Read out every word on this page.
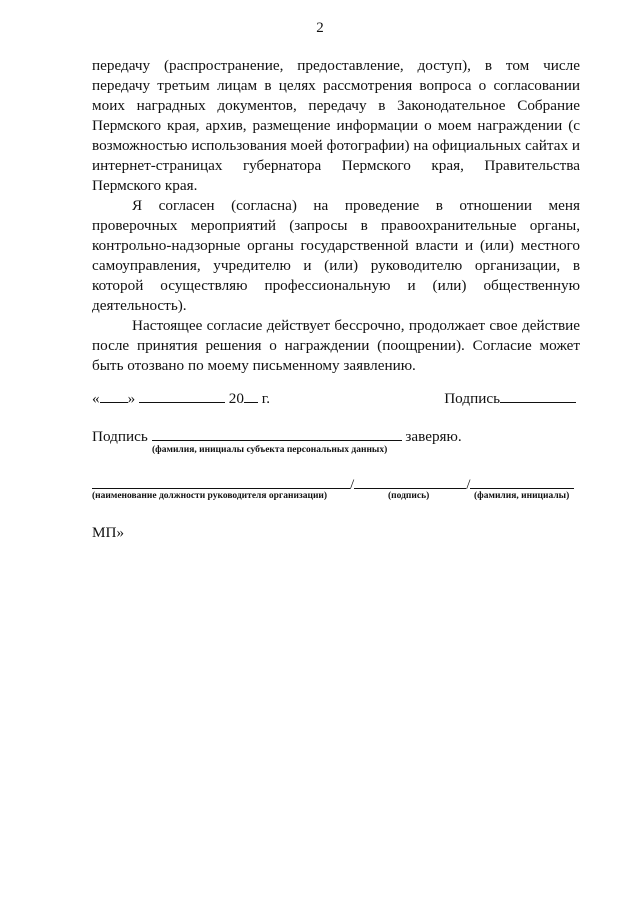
2

передачу (распространение, предоставление, доступ), в том числе передачу третьим лицам в целях рассмотрения вопроса о согласовании моих наградных документов, передачу в Законодательное Собрание Пермского края, архив, размещение информации о моем награждении (с возможностью использования моей фотографии) на официальных сайтах и интернет-страницах губернатора Пермского края, Правительства Пермского края.

Я согласен (согласна) на проведение в отношении меня проверочных мероприятий (запросы в правоохранительные органы, контрольно-надзорные органы государственной власти и (или) местного самоуправления, учредителю и (или) руководителю организации, в которой осуществляю профессиональную и (или) общественную деятельность).

Настоящее согласие действует бессрочно, продолжает свое действие после принятия решения о награждении (поощрении). Согласие может быть отозвано по моему письменному заявлению.

« »	20 г.	Подпись
Подпись	заверяю.
(фамилия, инициалы субъекта персональных данных)
/	/
(наименование должности руководителя организации)	(подпись)	(фамилия, инициалы)
МП»
